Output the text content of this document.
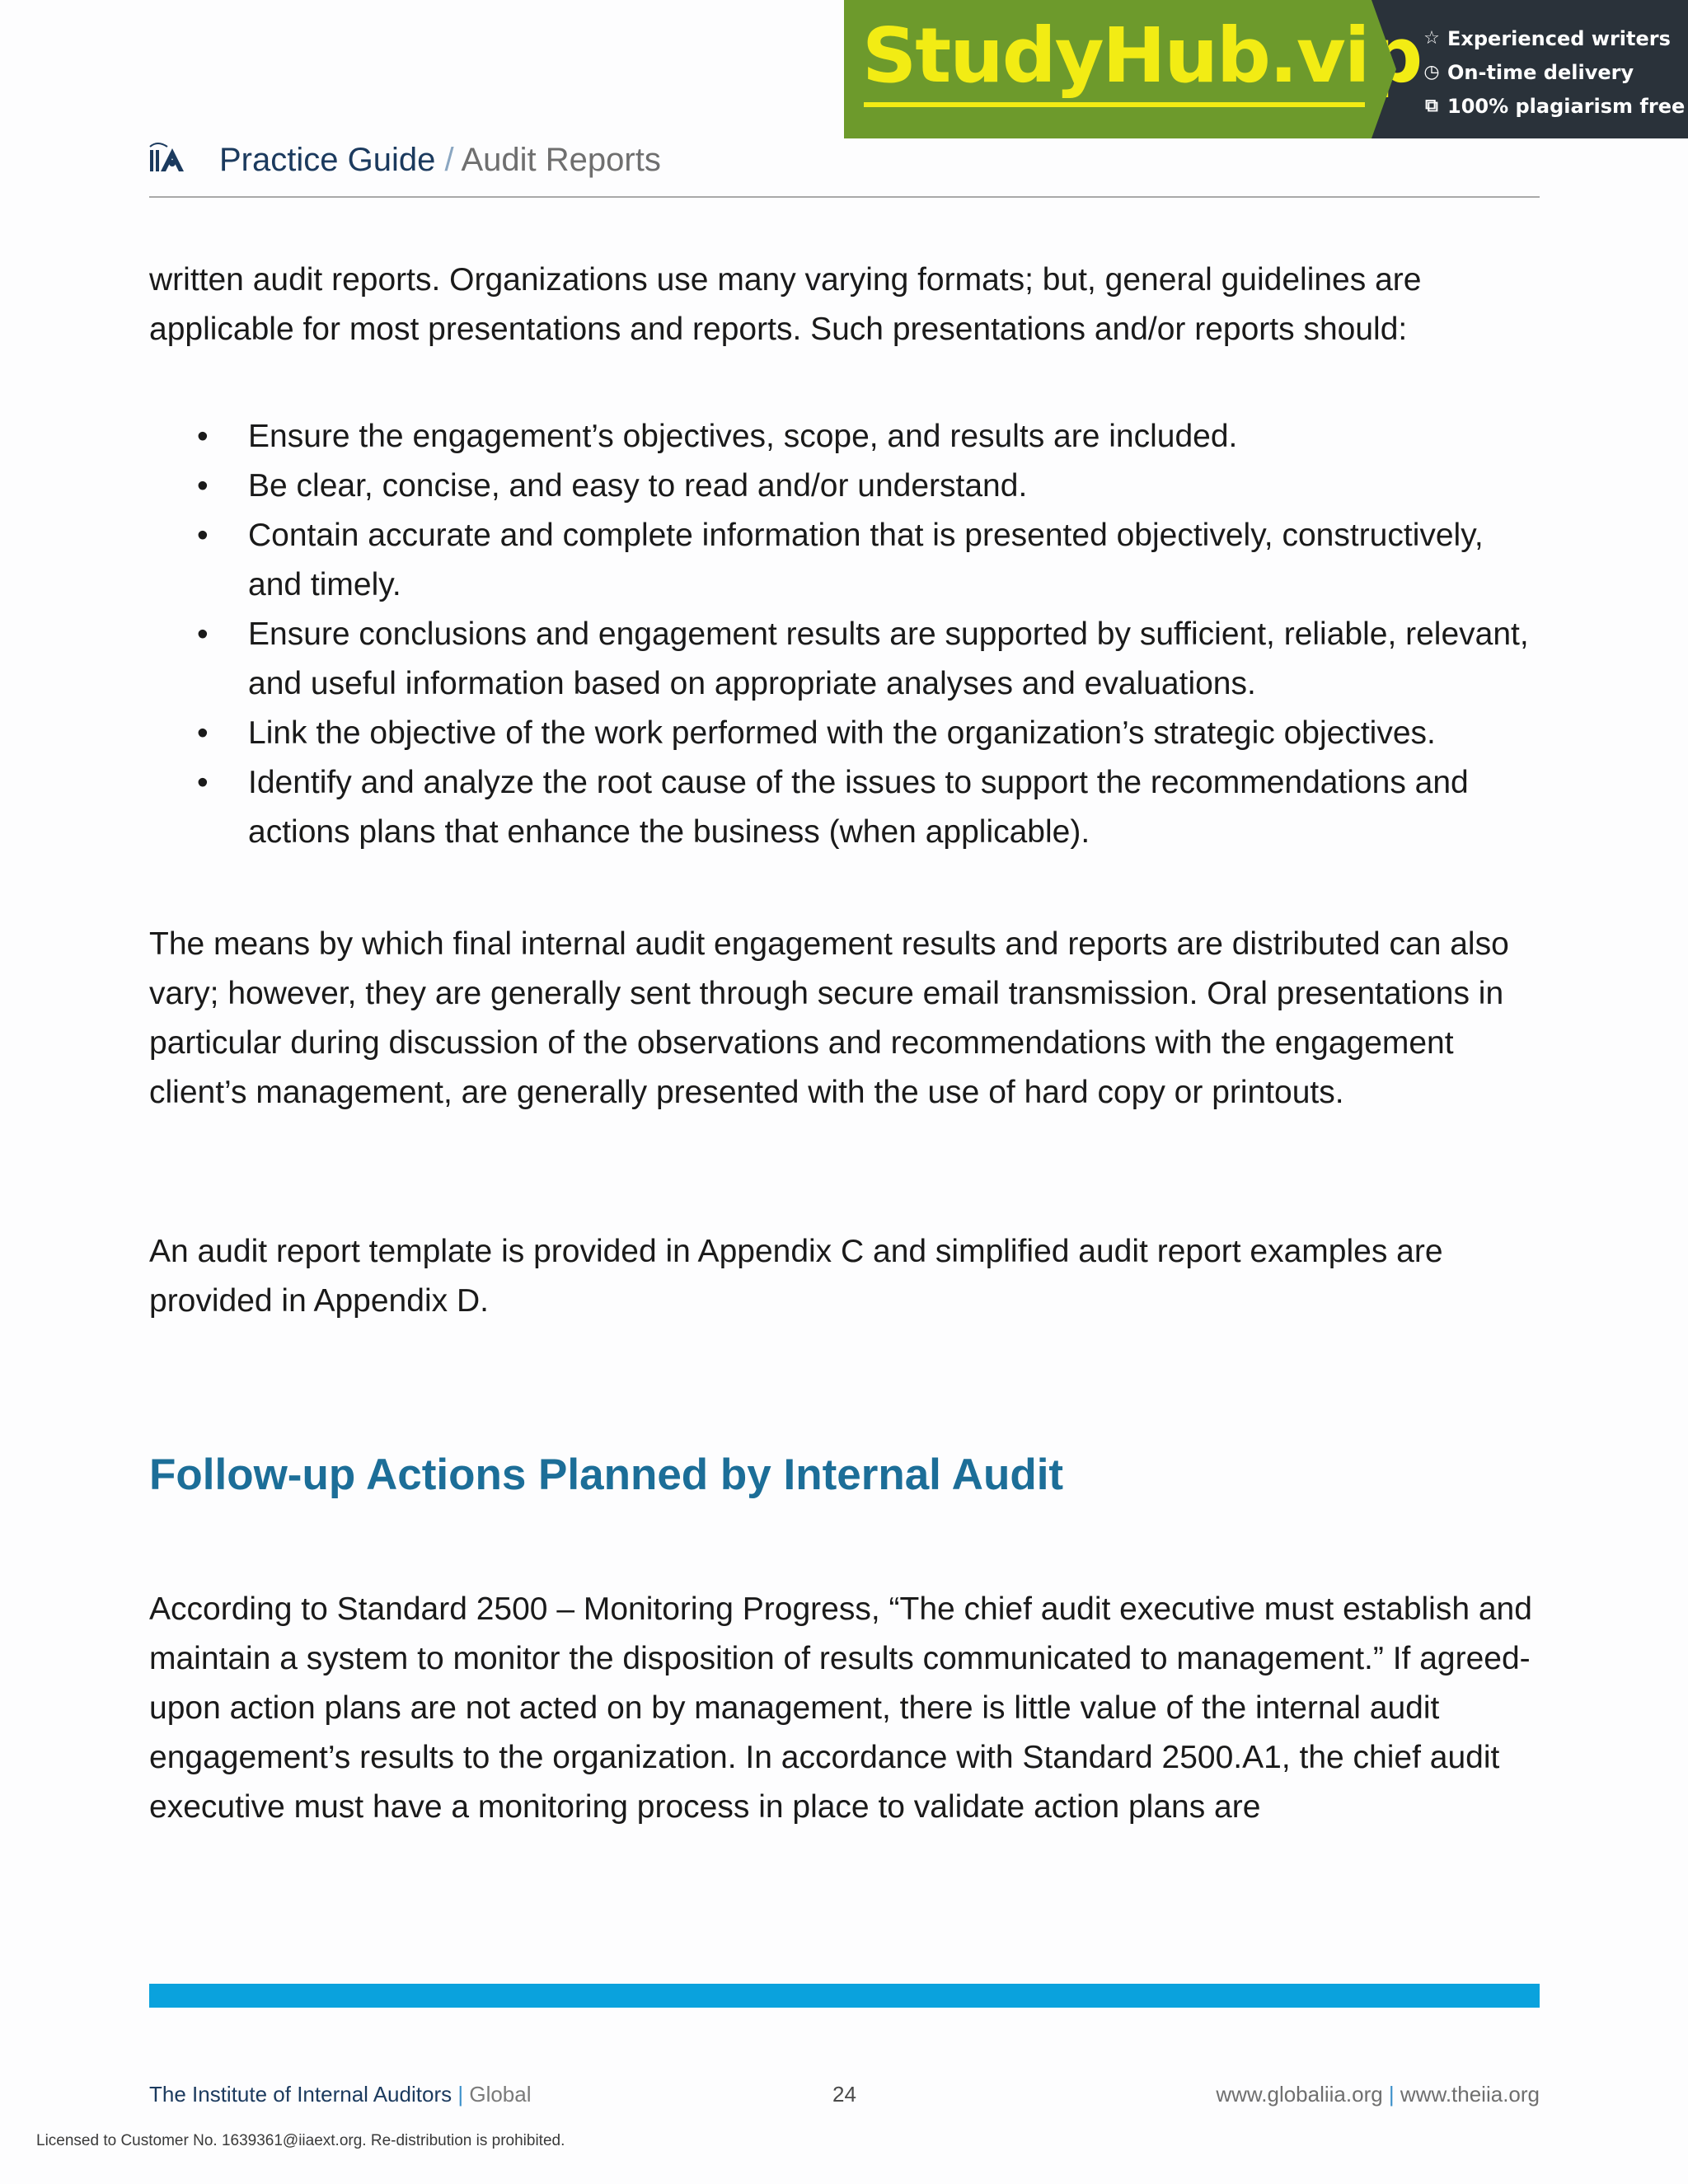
StudyHub.vip ☆ Experienced writers
◷ On-time delivery
⧉ 100% plagiarism free
Practice Guide / Audit Reports

written audit reports. Organizations use many varying formats; but, general guidelines are applicable for most presentations and reports. Such presentations and/or reports should:

• Ensure the engagement’s objectives, scope, and results are included.
• Be clear, concise, and easy to read and/or understand.
• Contain accurate and complete information that is presented objectively, constructively, and timely.
• Ensure conclusions and engagement results are supported by sufficient, reliable, relevant, and useful information based on appropriate analyses and evaluations.
• Link the objective of the work performed with the organization’s strategic objectives.
• Identify and analyze the root cause of the issues to support the recommendations and actions plans that enhance the business (when applicable).

The means by which final internal audit engagement results and reports are distributed can also vary; however, they are generally sent through secure email transmission. Oral presentations in particular during discussion of the observations and recommendations with the engagement client’s management, are generally presented with the use of hard copy or printouts.

An audit report template is provided in Appendix C and simplified audit report examples are provided in Appendix D.

Follow-up Actions Planned by Internal Audit

According to Standard 2500 – Monitoring Progress, “The chief audit executive must establish and maintain a system to monitor the disposition of results communicated to management.” If agreed-upon action plans are not acted on by management, there is little value of the internal audit engagement’s results to the organization. In accordance with Standard 2500.A1, the chief audit executive must have a monitoring process in place to validate action plans are

The Institute of Internal Auditors | Global	24	www.globaliia.org | www.theiia.org
Licensed to Customer No. 1639361@iiaext.org. Re-distribution is prohibited.
